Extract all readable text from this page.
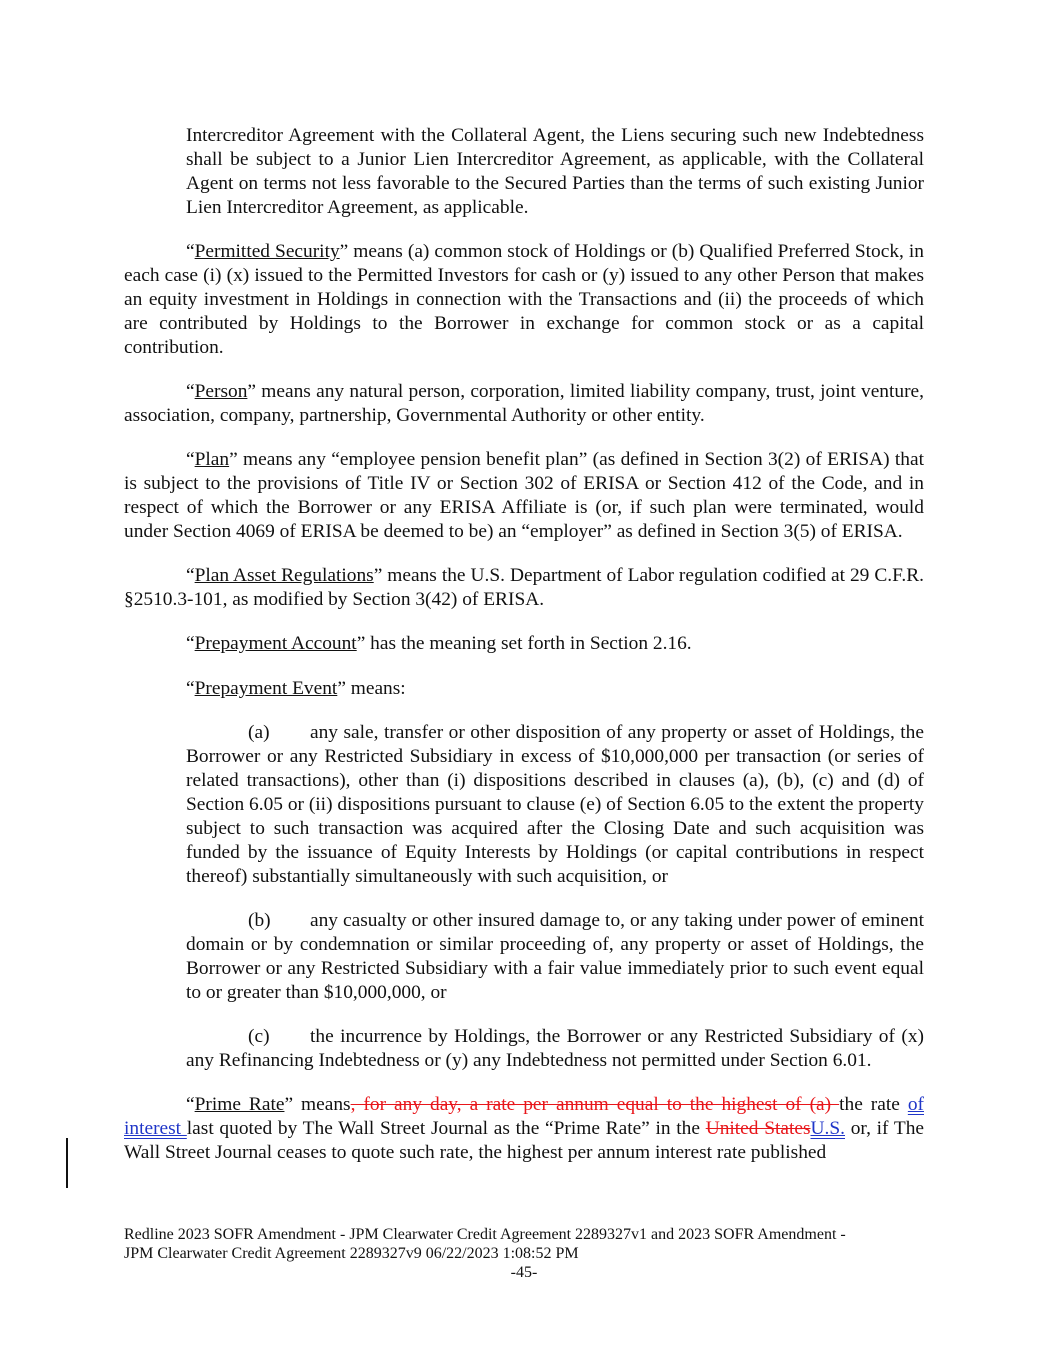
Intercreditor Agreement with the Collateral Agent, the Liens securing such new Indebtedness shall be subject to a Junior Lien Intercreditor Agreement, as applicable, with the Collateral Agent on terms not less favorable to the Secured Parties than the terms of such existing Junior Lien Intercreditor Agreement, as applicable.

“Permitted Security” means (a) common stock of Holdings or (b) Qualified Preferred Stock, in each case (i) (x) issued to the Permitted Investors for cash or (y) issued to any other Person that makes an equity investment in Holdings in connection with the Transactions and (ii) the proceeds of which are contributed by Holdings to the Borrower in exchange for common stock or as a capital contribution.

“Person” means any natural person, corporation, limited liability company, trust, joint venture, association, company, partnership, Governmental Authority or other entity.

“Plan” means any “employee pension benefit plan” (as defined in Section 3(2) of ERISA) that is subject to the provisions of Title IV or Section 302 of ERISA or Section 412 of the Code, and in respect of which the Borrower or any ERISA Affiliate is (or, if such plan were terminated, would under Section 4069 of ERISA be deemed to be) an “employer” as defined in Section 3(5) of ERISA.

“Plan Asset Regulations” means the U.S. Department of Labor regulation codified at 29 C.F.R. §2510.3-101, as modified by Section 3(42) of ERISA.

“Prepayment Account” has the meaning set forth in Section 2.16.

“Prepayment Event” means:

(a) any sale, transfer or other disposition of any property or asset of Holdings, the Borrower or any Restricted Subsidiary in excess of $10,000,000 per transaction (or series of related transactions), other than (i) dispositions described in clauses (a), (b), (c) and (d) of Section 6.05 or (ii) dispositions pursuant to clause (e) of Section 6.05 to the extent the property subject to such transaction was acquired after the Closing Date and such acquisition was funded by the issuance of Equity Interests by Holdings (or capital contributions in respect thereof) substantially simultaneously with such acquisition, or

(b) any casualty or other insured damage to, or any taking under power of eminent domain or by condemnation or similar proceeding of, any property or asset of Holdings, the Borrower or any Restricted Subsidiary with a fair value immediately prior to such event equal to or greater than $10,000,000, or

(c) the incurrence by Holdings, the Borrower or any Restricted Subsidiary of (x) any Refinancing Indebtedness or (y) any Indebtedness not permitted under Section 6.01.

“Prime Rate” means, for any day, a rate per annum equal to the highest of (a) the rate of interest last quoted by The Wall Street Journal as the “Prime Rate” in the United StatesU.S. or, if The Wall Street Journal ceases to quote such rate, the highest per annum interest rate published

Redline 2023 SOFR Amendment - JPM Clearwater Credit Agreement 2289327v1 and 2023 SOFR Amendment -
JPM Clearwater Credit Agreement 2289327v9 06/22/2023 1:08:52 PM
-45-
